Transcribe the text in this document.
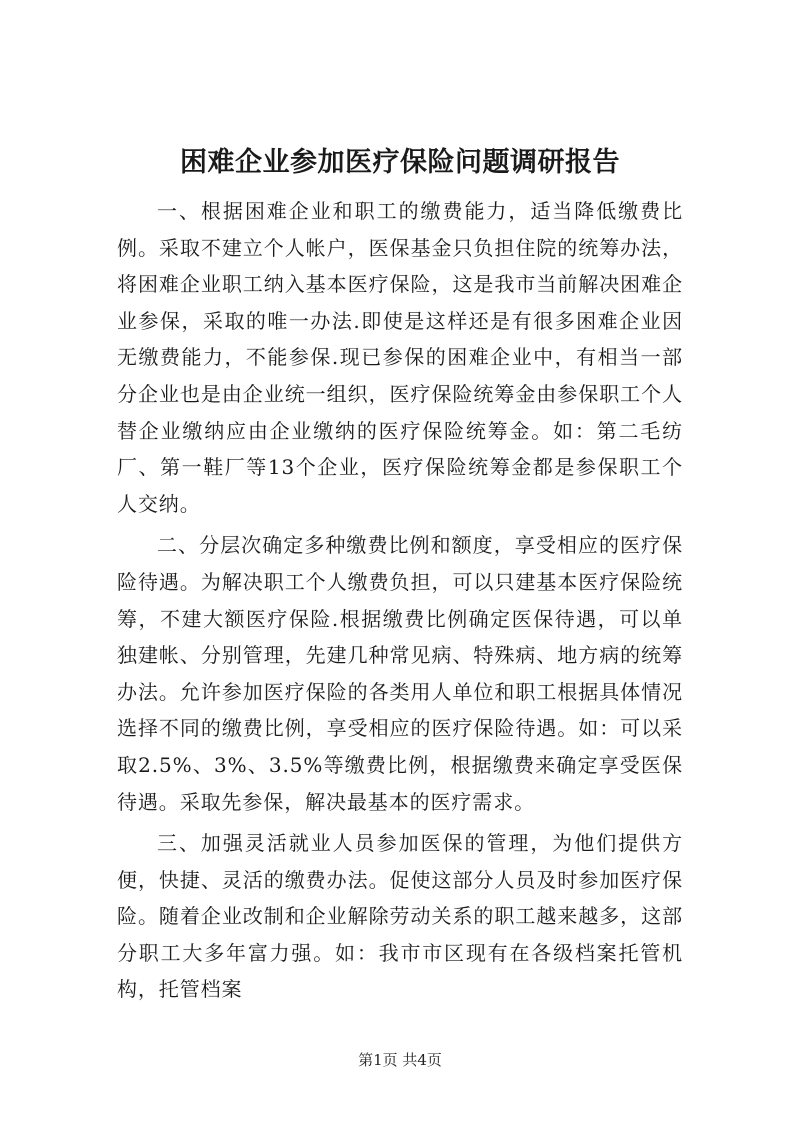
困难企业参加医疗保险问题调研报告

一、根据困难企业和职工的缴费能力，适当降低缴费比例。采取不建立个人帐户，医保基金只负担住院的统筹办法，将困难企业职工纳入基本医疗保险，这是我市当前解决困难企业参保，采取的唯一办法.即使是这样还是有很多困难企业因无缴费能力，不能参保.现已参保的困难企业中，有相当一部分企业也是由企业统一组织，医疗保险统筹金由参保职工个人替企业缴纳应由企业缴纳的医疗保险统筹金。如：第二毛纺厂、第一鞋厂等13个企业，医疗保险统筹金都是参保职工个人交纳。

二、分层次确定多种缴费比例和额度，享受相应的医疗保险待遇。为解决职工个人缴费负担，可以只建基本医疗保险统筹，不建大额医疗保险.根据缴费比例确定医保待遇，可以单独建帐、分别管理，先建几种常见病、特殊病、地方病的统筹办法。允许参加医疗保险的各类用人单位和职工根据具体情况选择不同的缴费比例，享受相应的医疗保险待遇。如：可以采取2.5%、3%、3.5%等缴费比例，根据缴费来确定享受医保待遇。采取先参保，解决最基本的医疗需求。

三、加强灵活就业人员参加医保的管理，为他们提供方便，快捷、灵活的缴费办法。促使这部分人员及时参加医疗保险。随着企业改制和企业解除劳动关系的职工越来越多，这部分职工大多年富力强。如：我市市区现有在各级档案托管机构，托管档案

第1页 共4页
